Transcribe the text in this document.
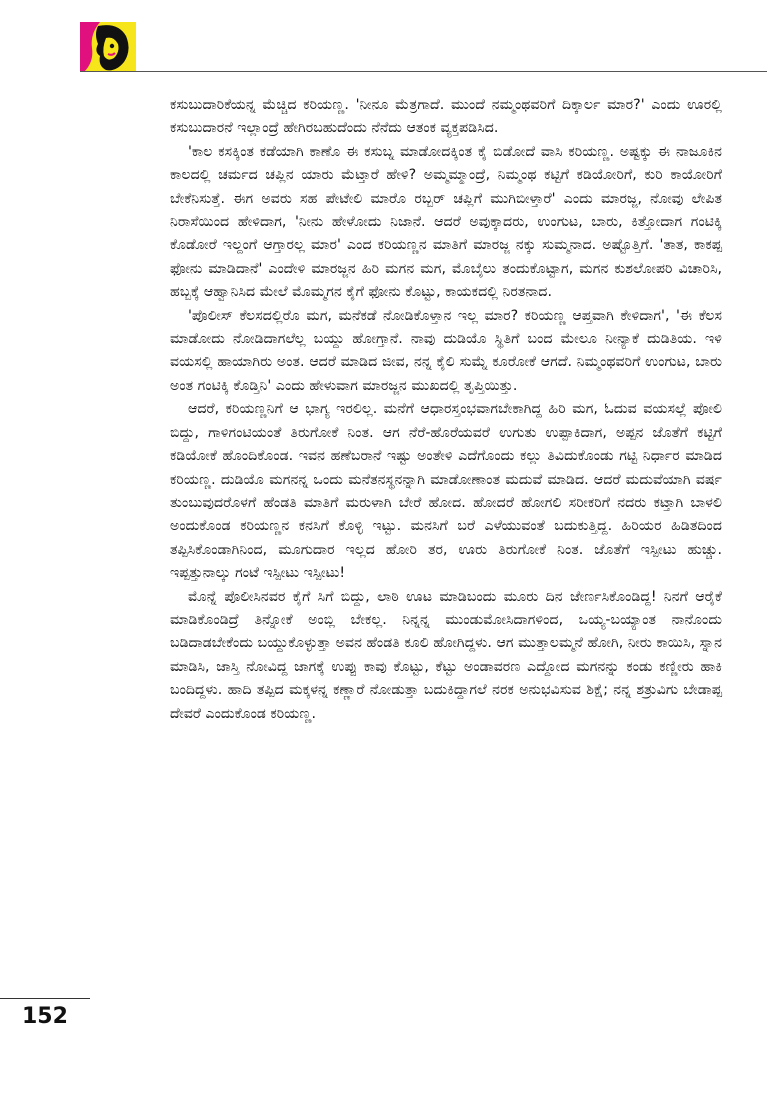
ಕಸುಬುದಾರಿಕೆಯನ್ನ ಮೆಚ್ಚಿದ ಕರಿಯಣ್ಣ. 'ನೀನೂ ಮೆತ್ರಗಾದೆ. ಮುಂದೆ ನಮ್ಮಂಥವರಿಗೆ ದಿಕ್ಕಾರ್ಲ ಮಾರ?' ಎಂದು ಊರಲ್ಲಿ ಕಸುಬುದಾರನೆ ಇಲ್ಲಾಂದ್ರೆ ಹೇಗಿರಬಹುದೆಂದು ನೆನೆದು ಆತಂಕ ವ್ಯಕ್ತಪಡಿಸಿದ.

'ಕಾಲ ಕಸಕ್ಕಿಂತ ಕಡೆಯಾಗಿ ಕಾಣೊ ಈ ಕಸುಬ್ನ ಮಾಡೋದಕ್ಕಿಂತ ಕೈ ಬಿಡೋದೆ ವಾಸಿ ಕರಿಯಣ್ಣ. ಅಷ್ಟಕ್ಕು ಈ ನಾಜೂಕಿನ ಕಾಲದಲ್ಲಿ ಚರ್ಮದ ಚಪ್ಲಿನ ಯಾರು ಮೆಟ್ತಾರೆ ಹೇಳಿ? ಅಮ್ಮಮ್ಮಾಂದ್ರೆ, ನಿಮ್ಮಂಥ ಕಟ್ಟಿಗೆ ಕಡಿಯೋರಿಗೆ, ಕುರಿ ಕಾಯೋರಿಗೆ ಬೇಕೆನಿಸುತ್ತೆ. ಈಗ ಅವರು ಸಹ ಪೇಟೇಲಿ ಮಾರೊ ರಬ್ಬರ್ ಚಪ್ಲಿಗೆ ಮುಗಿಬೀಳ್ತಾರೆ' ಎಂದು ಮಾರಜ್ಜ, ನೋವು ಲೇಪಿತ ನಿರಾಸೆಯಿಂದ ಹೇಳಿದಾಗ, 'ನೀನು ಹೇಳೋದು ನಿಜಾನೆ. ಆದರೆ ಅವುಕ್ಕಾದರು, ಉಂಗುಟ, ಬಾರು, ಕಿತ್ತೋದಾಗ ಗಂಟಿಕ್ಕಿ ಕೊಡೋರೆ ಇಲ್ದಂಗೆ ಆಗ್ತಾರಲ್ಲ ಮಾರ' ಎಂದ ಕರಿಯಣ್ಣನ ಮಾತಿಗೆ ಮಾರಜ್ಜ ನಕ್ಕು ಸುಮ್ಮನಾದ. ಅಷ್ಟೊತ್ತಿಗೆ. 'ತಾತ, ಕಾಕಪ್ಪ ಫೋನು ಮಾಡಿದಾನೆ' ಎಂದೇಳಿ ಮಾರಜ್ಜನ ಹಿರಿ ಮಗನ ಮಗ, ಮೊಬೈಲು ತಂದುಕೊಟ್ಟಾಗ, ಮಗನ ಕುಶಲೋಪರಿ ವಿಚಾರಿಸಿ, ಹಬ್ಬಕ್ಕೆ ಆಹ್ವಾನಿಸಿದ ಮೇಲೆ ಮೊಮ್ಮಗನ ಕೈಗೆ ಫೋನು ಕೊಟ್ಟು, ಕಾಯಕದಲ್ಲಿ ನಿರತನಾದ.

'ಪೊಲೀಸ್ ಕೆಲಸದಲ್ಲಿರೊ ಮಗ, ಮನೆಕಡೆ ನೋಡಿಕೊಳ್ತಾನ ಇಲ್ಲ ಮಾರ? ಕರಿಯಣ್ಣ ಆಪ್ತವಾಗಿ ಕೇಳಿದಾಗ', 'ಈ ಕೆಲಸ ಮಾಡೋದು ನೋಡಿದಾಗಲೆಲ್ಲ ಬಯ್ದು ಹೋಗ್ತಾನೆ. ನಾವು ದುಡಿಯೊ ಸ್ಥಿತಿಗೆ ಬಂದ ಮೇಲೂ ನೀನ್ಯಾಕೆ ದುಡಿತಿಯ. ಇಳಿ ವಯಸಲ್ಲಿ ಹಾಯಾಗಿರು ಅಂತ. ಆದರೆ ಮಾಡಿದ ಜೀವ, ನನ್ನ ಕೈಲಿ ಸುಮ್ನೆ ಕೂರೋಕೆ ಆಗದೆ. ನಿಮ್ಮಂಥವರಿಗೆ ಉಂಗುಟ, ಬಾರು ಅಂತ ಗಂಟಿಕ್ಕಿ ಕೊಡ್ತಿನಿ' ಎಂದು ಹೇಳುವಾಗ ಮಾರಜ್ಜನ ಮುಖದಲ್ಲಿ ತೃಪ್ತಿಯಿತ್ತು.

ಆದರೆ, ಕರಿಯಣ್ಣನಿಗೆ ಆ ಭಾಗ್ಯ ಇರಲಿಲ್ಲ. ಮನೆಗೆ ಆಧಾರಸ್ತಂಭವಾಗಬೇಕಾಗಿದ್ದ ಹಿರಿ ಮಗ, ಓದುವ ವಯಸಲ್ಲೆ ಪೋಲಿ ಬಿದ್ದು, ಗಾಳಿಗಂಟಿಯಂತೆ ತಿರುಗೋಕೆ ನಿಂತ. ಆಗ ನೆರೆ-ಹೊರೆಯವರೆ ಉಗುತು ಉಪ್ಪಾಕಿದಾಗ, ಅಪ್ಪನ ಜೊತೆಗೆ ಕಟ್ಟಿಗೆ ಕಡಿಯೋಕೆ ಹೊಂದಿಕೊಂಡ. ಇವನ ಹಣೆಬರಾನೆ ಇಷ್ಟು ಅಂತೇಳಿ ಎದೆಗೊಂದು ಕಲ್ಲು ತಿವಿದುಕೊಂಡು ಗಟ್ಟಿ ನಿರ್ಧಾರ ಮಾಡಿದ ಕರಿಯಣ್ಣ. ದುಡಿಯೊ ಮಗನನ್ನ ಒಂದು ಮನೆತನಸ್ಥನನ್ನಾಗಿ ಮಾಡೋಣಾಂತ ಮದುವೆ ಮಾಡಿದ. ಆದರೆ ಮದುವೆಯಾಗಿ ವರ್ಷ ತುಂಬುವುದರೊಳಗೆ ಹೆಂಡತಿ ಮಾತಿಗೆ ಮರುಳಾಗಿ ಬೇರೆ ಹೋದ. ಹೋದರೆ ಹೋಗಲಿ ಸರೀಕರಿಗೆ ನದರು ಕಟ್ತಾಗಿ ಬಾಳಲಿ ಅಂದುಕೊಂಡ ಕರಿಯಣ್ಣನ ಕನಸಿಗೆ ಕೊಳ್ಳಿ ಇಟ್ಟು. ಮನಸಿಗೆ ಬರೆ ಎಳೆಯುವಂತೆ ಬದುಕುತ್ತಿದ್ದ. ಹಿರಿಯರ ಹಿಡಿತದಿಂದ ತಪ್ಪಿಸಿಕೊಂಡಾಗಿನಿಂದ, ಮೂಗುದಾರ ಇಲ್ಲದ ಹೋರಿ ತರ, ಊರು ತಿರುಗೋಕೆ ನಿಂತ. ಜೊತೆಗೆ ಇಸ್ಪೀಟು ಹುಚ್ಚು. ಇಪ್ಪತ್ತುನಾಲ್ಕು ಗಂಟೆ ಇಸ್ಪೀಟು ಇಸ್ಪೀಟು!

ಮೊನ್ನೆ ಪೊಲೀಸಿನವರ ಕೈಗೆ ಸಿಗೆ ಬಿದ್ದು, ಲಾಠಿ ಊಟ ಮಾಡಿಬಂದು ಮೂರು ದಿನ ಜೇರ್ಣಸಿಕೊಂಡಿದ್ದ! ನಿನಗೆ ಆರೈಕೆ ಮಾಡಿಕೊಂಡಿದ್ರೆ ತಿನ್ನೋಕೆ ಅಂಬ್ಲಿ ಬೇಕಲ್ಲ. ನಿನ್ನನ್ನ ಮುಂಡುಮೋಸಿದಾಗಳಿಂದ, ಒಯ್ಯ-ಬಯ್ಯಾಂತ ನಾನೊಂದು ಬಡಿದಾಡಬೇಕೆಂದು ಬಯ್ದುಕೊಳ್ಳುತ್ತಾ ಅವನ ಹೆಂಡತಿ ಕೂಲಿ ಹೋಗಿದ್ದಳು. ಆಗ ಮುತ್ತಾಲಮ್ಮನೆ ಹೋಗಿ, ನೀರು ಕಾಯಿಸಿ, ಸ್ನಾನ ಮಾಡಿಸಿ, ಜಾಸ್ತಿ ನೋವಿದ್ದ ಜಾಗಕ್ಕೆ ಉಪ್ಪು ಕಾವು ಕೊಟ್ಟು, ಕೆಟ್ಟು ಅಂಡಾವರಣ ಎದ್ದೋದ ಮಗನನ್ನು ಕಂಡು ಕಣ್ಣೀರು ಹಾಕಿ ಬಂದಿದ್ದಳು. ಹಾದಿ ತಪ್ಪಿದ ಮಕ್ಕಳನ್ನ ಕಣ್ಣಾರೆ ನೋಡುತ್ತಾ ಬದುಕಿದ್ದಾಗಲೆ ನರಕ ಅನುಭವಿಸುವ ಶಿಕ್ಷೆ; ನನ್ನ ಶತ್ರುವಿಗು ಬೇಡಾಪ್ಪ ದೇವರೆ ಎಂದುಕೊಂಡ ಕರಿಯಣ್ಣ.

152
